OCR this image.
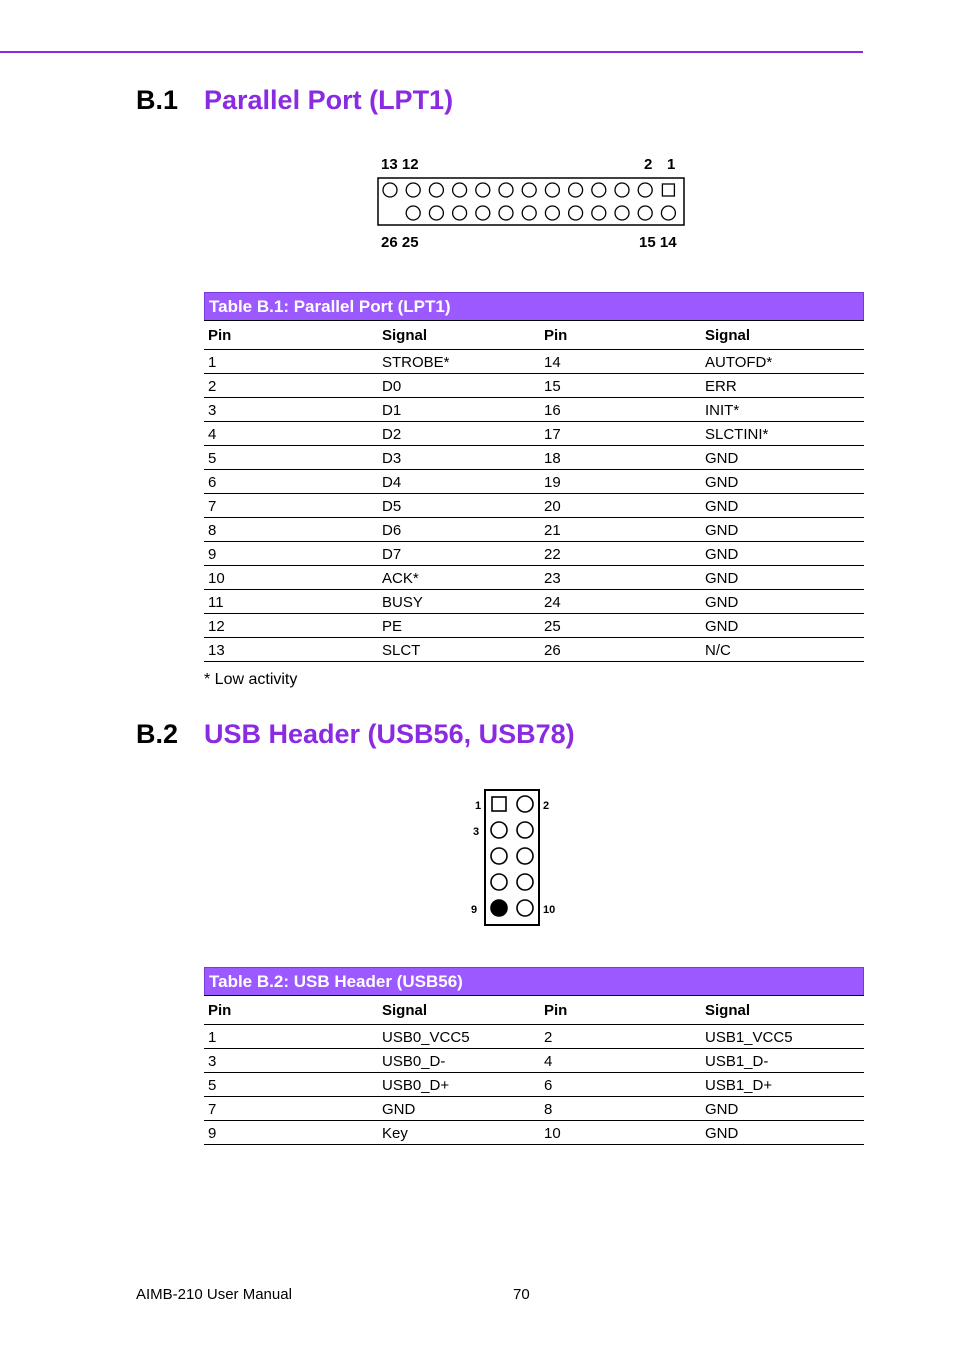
B.1 Parallel Port (LPT1)
13 12	2 1
26 25	15 14
Table B.1: Parallel Port (LPT1)
Pin	Signal	Pin	Signal
1	STROBE*	14	AUTOFD*
2	D0	15	ERR
3	D1	16	INIT*
4	D2	17	SLCTINI*
5	D3	18	GND
6	D4	19	GND
7	D5	20	GND
8	D6	21	GND
9	D7	22	GND
10	ACK*	23	GND
11	BUSY	24	GND
12	PE	25	GND
13	SLCT	26	N/C
* Low activity
B.2 USB Header (USB56, USB78)
1	2
3
9	10
Table B.2: USB Header (USB56)
Pin	Signal	Pin	Signal
1	USB0_VCC5	2	USB1_VCC5
3	USB0_D-	4	USB1_D-
5	USB0_D+	6	USB1_D+
7	GND	8	GND
9	Key	10	GND
AIMB-210 User Manual	70
